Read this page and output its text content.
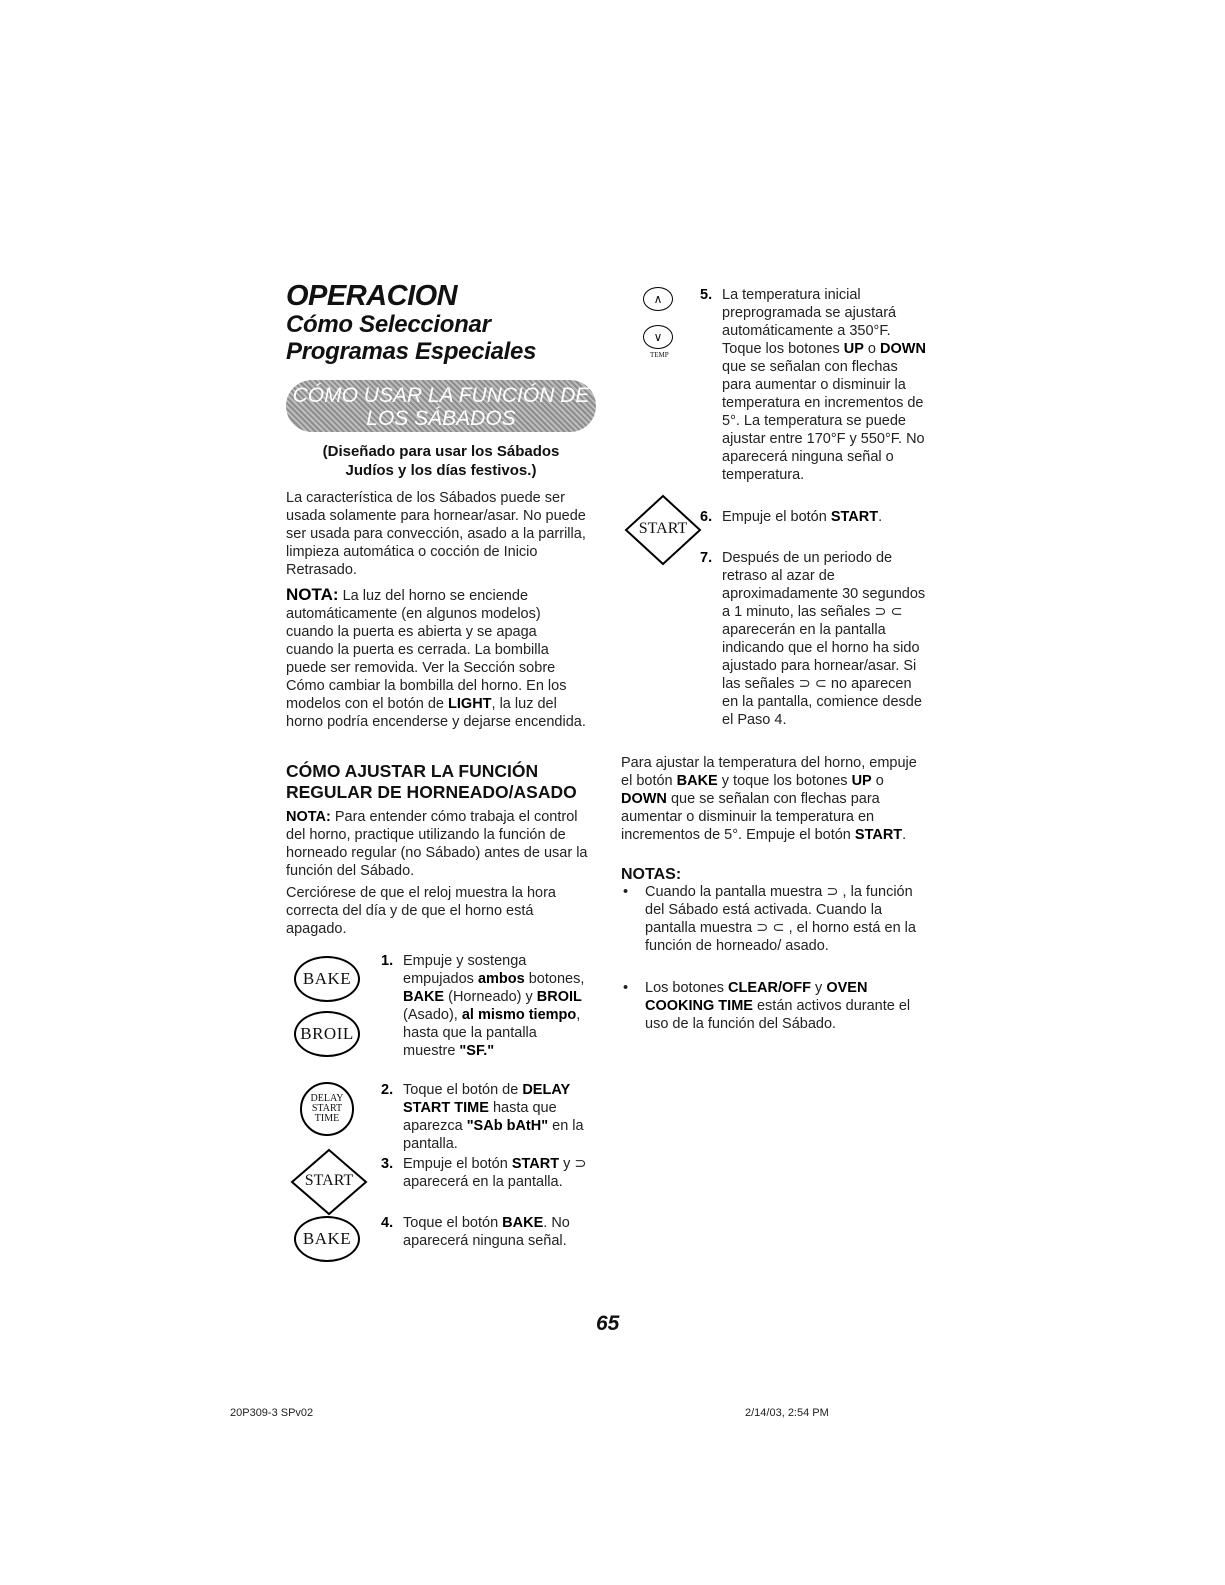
OPERACION
Cómo Seleccionar
Programas Especiales
CÓMO USAR LA FUNCIÓN DE
LOS SÁBADOS
(Diseñado para usar los Sábados
Judíos y los días festivos.)
La característica de los Sábados puede ser usada solamente para hornear/asar. No puede ser usada para convección, asado a la parrilla, limpieza automática o cocción de Inicio Retrasado.
NOTA: La luz del horno se enciende automáticamente (en algunos modelos) cuando la puerta es abierta y se apaga cuando la puerta es cerrada. La bombilla puede ser removida. Ver la Sección sobre Cómo cambiar la bombilla del horno. En los modelos con el botón de LIGHT, la luz del horno podría encenderse y dejarse encendida.
CÓMO AJUSTAR LA FUNCIÓN
REGULAR DE HORNEADO/ASADO
NOTA: Para entender cómo trabaja el control del horno, practique utilizando la función de horneado regular (no Sábado) antes de usar la función del Sábado.
Cerciórese de que el reloj muestra la hora correcta del día y de que el horno está apagado.
BAKE
BROIL
DELAY
START
TIME
START
BAKE
1. Empuje y sostenga empujados ambos botones, BAKE (Horneado) y BROIL (Asado), al mismo tiempo, hasta que la pantalla muestre "SF."
2. Toque el botón de DELAY START TIME hasta que aparezca "SAb bAtH" en la pantalla.
3. Empuje el botón START y ⊃ aparecerá en la pantalla.
4. Toque el botón BAKE. No aparecerá ninguna señal.
∧
∨
TEMP
5. La temperatura inicial preprogramada se ajustará automáticamente a 350°F. Toque los botones UP o DOWN que se señalan con flechas para aumentar o disminuir la temperatura en incrementos de 5°. La temperatura se puede ajustar entre 170°F y 550°F. No aparecerá ninguna señal o temperatura.
START
6. Empuje el botón START.
7. Después de un periodo de retraso al azar de aproximadamente 30 segundos a 1 minuto, las señales ⊃ ⊂ aparecerán en la pantalla indicando que el horno ha sido ajustado para hornear/asar. Si las señales ⊃ ⊂ no aparecen en la pantalla, comience desde el Paso 4.
Para ajustar la temperatura del horno, empuje el botón BAKE y toque los botones UP o DOWN que se señalan con flechas para aumentar o disminuir la temperatura en incrementos de 5°. Empuje el botón START.
NOTAS:
• Cuando la pantalla muestra ⊃ , la función del Sábado está activada. Cuando la pantalla muestra ⊃ ⊂ , el horno está en la función de horneado/ asado.
• Los botones CLEAR/OFF y OVEN COOKING TIME están activos durante el uso de la función del Sábado.
65
20P309-3 SPv02	2/14/03, 2:54 PM
